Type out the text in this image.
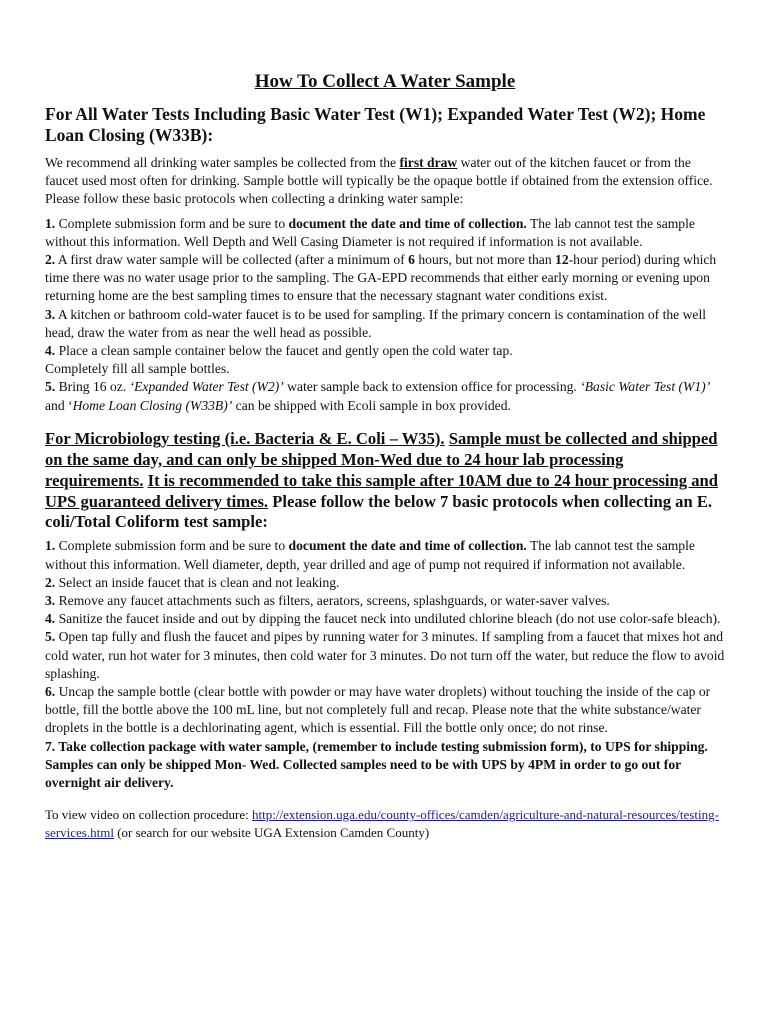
How To Collect A Water Sample
For All Water Tests Including Basic Water Test (W1); Expanded Water Test (W2); Home Loan Closing (W33B):
We recommend all drinking water samples be collected from the first draw water out of the kitchen faucet or from the faucet used most often for drinking. Sample bottle will typically be the opaque bottle if obtained from the extension office. Please follow these basic protocols when collecting a drinking water sample:
1. Complete submission form and be sure to document the date and time of collection. The lab cannot test the sample without this information. Well Depth and Well Casing Diameter is not required if information is not available.
2. A first draw water sample will be collected (after a minimum of 6 hours, but not more than 12-hour period) during which time there was no water usage prior to the sampling. The GA-EPD recommends that either early morning or evening upon returning home are the best sampling times to ensure that the necessary stagnant water conditions exist.
3. A kitchen or bathroom cold-water faucet is to be used for sampling. If the primary concern is contamination of the well head, draw the water from as near the well head as possible.
4. Place a clean sample container below the faucet and gently open the cold water tap.
Completely fill all sample bottles.
5. Bring 16 oz. ‘Expanded Water Test (W2)’ water sample back to extension office for processing. ‘Basic Water Test (W1)’ and ‘Home Loan Closing (W33B)’ can be shipped with Ecoli sample in box provided.
For Microbiology testing (i.e. Bacteria & E. Coli – W35). Sample must be collected and shipped on the same day, and can only be shipped Mon-Wed due to 24 hour lab processing requirements. It is recommended to take this sample after 10AM due to 24 hour processing and UPS guaranteed delivery times. Please follow the below 7 basic protocols when collecting an E. coli/Total Coliform test sample:
1. Complete submission form and be sure to document the date and time of collection. The lab cannot test the sample without this information. Well diameter, depth, year drilled and age of pump not required if information not available.
2. Select an inside faucet that is clean and not leaking.
3. Remove any faucet attachments such as filters, aerators, screens, splashguards, or water-saver valves.
4. Sanitize the faucet inside and out by dipping the faucet neck into undiluted chlorine bleach (do not use color-safe bleach).
5. Open tap fully and flush the faucet and pipes by running water for 3 minutes. If sampling from a faucet that mixes hot and cold water, run hot water for 3 minutes, then cold water for 3 minutes. Do not turn off the water, but reduce the flow to avoid splashing.
6. Uncap the sample bottle (clear bottle with powder or may have water droplets) without touching the inside of the cap or bottle, fill the bottle above the 100 mL line, but not completely full and recap. Please note that the white substance/water droplets in the bottle is a dechlorinating agent, which is essential. Fill the bottle only once; do not rinse.
7. Take collection package with water sample, (remember to include testing submission form), to UPS for shipping. Samples can only be shipped Mon- Wed. Collected samples need to be with UPS by 4PM in order to go out for overnight air delivery.
To view video on collection procedure: http://extension.uga.edu/county-offices/camden/agriculture-and-natural-resources/testing-services.html (or search for our website UGA Extension Camden County)
